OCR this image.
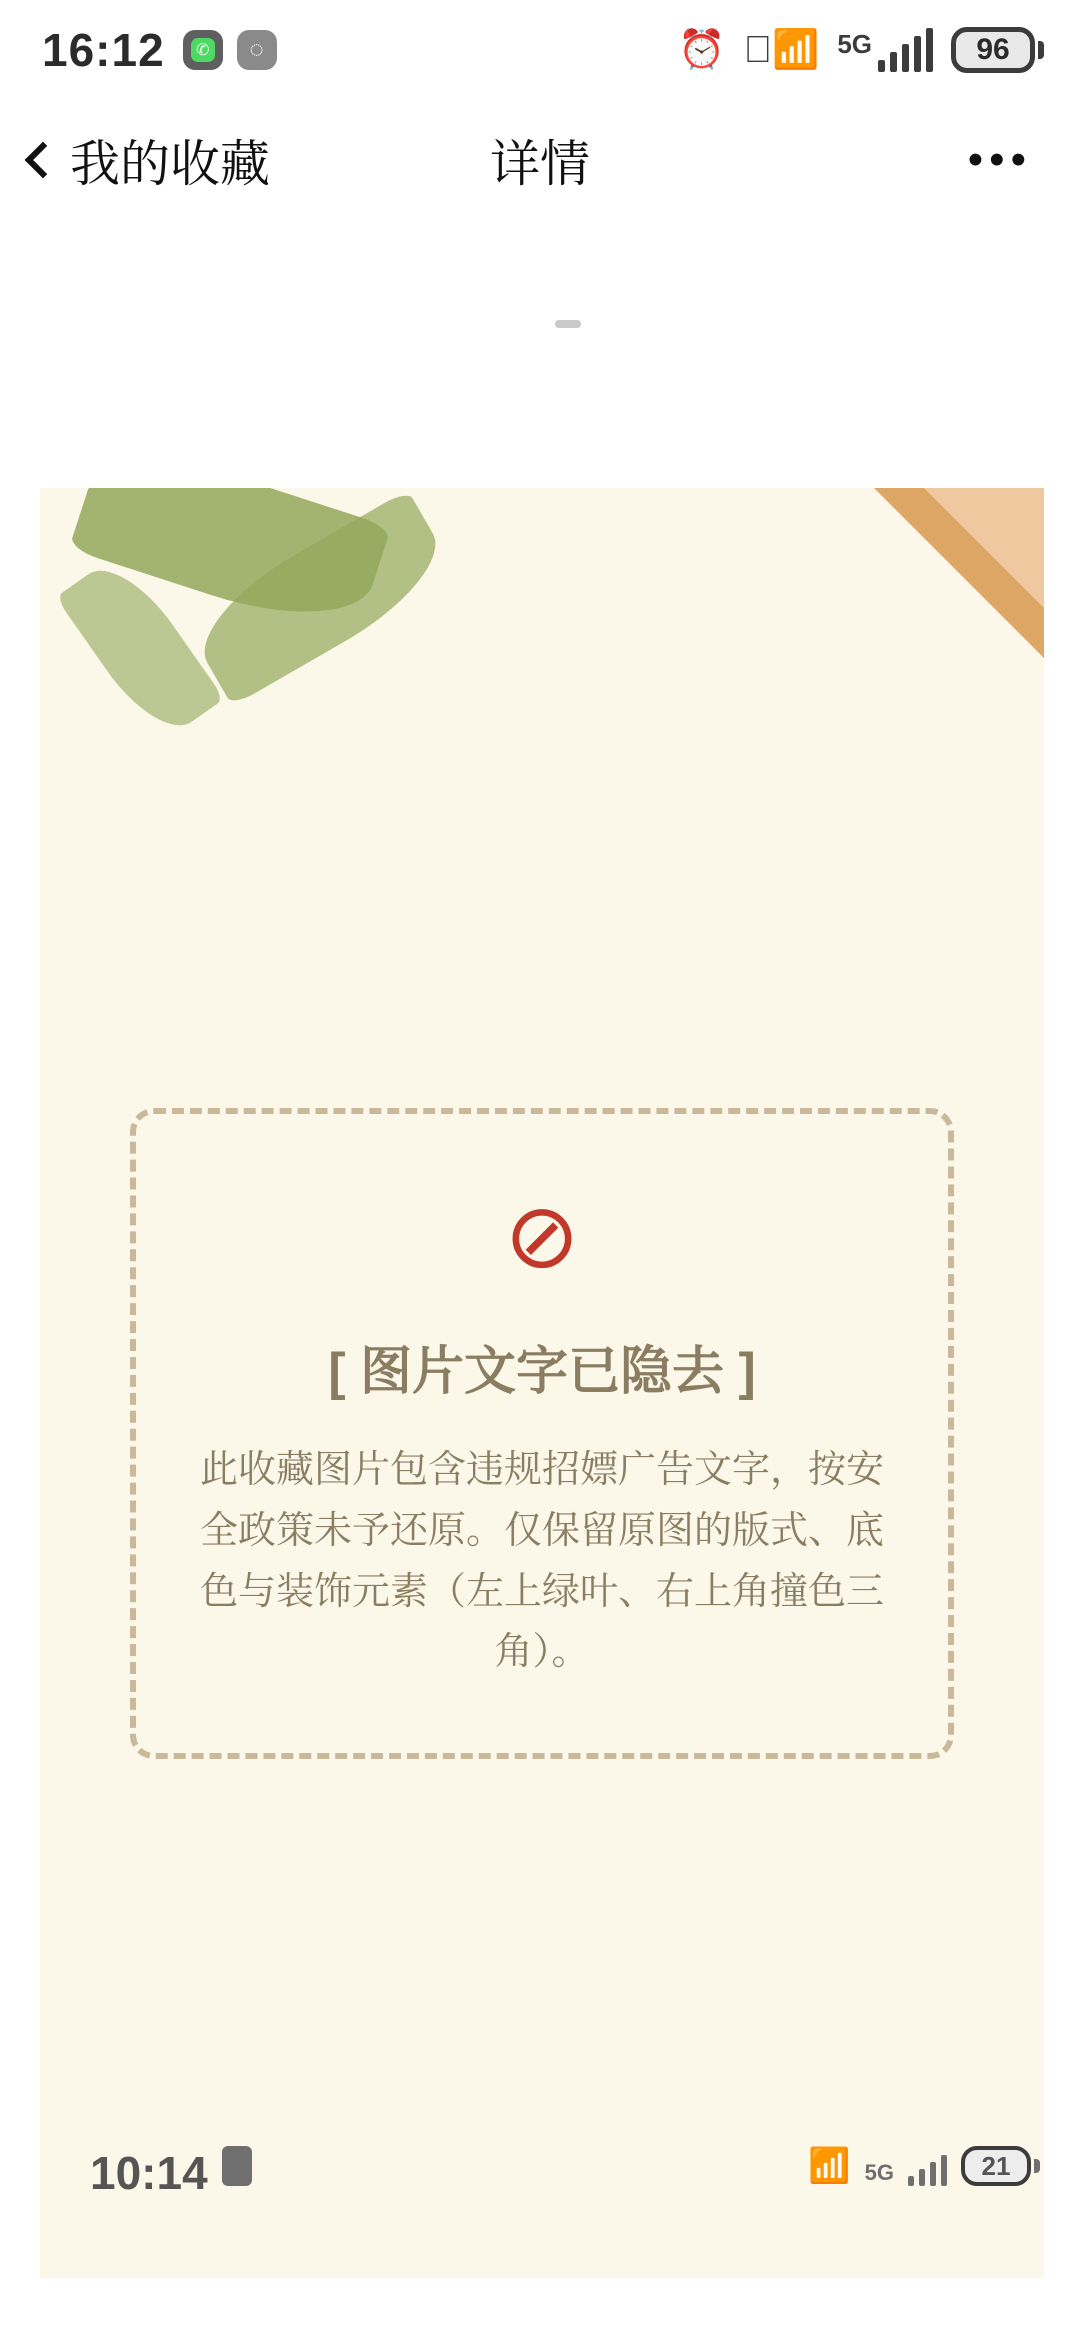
16:12	✆	◌	⏰	​📶 5G	96
我的收藏	详情	•••
⊘
[ 图片文字已隐去 ]
此收藏图片包含违规招嫖广告文字，按安全政策未予还原。仅保留原图的版式、底色与装饰元素（左上绿叶、右上角撞色三角）。
10:14	📶 5G	21
